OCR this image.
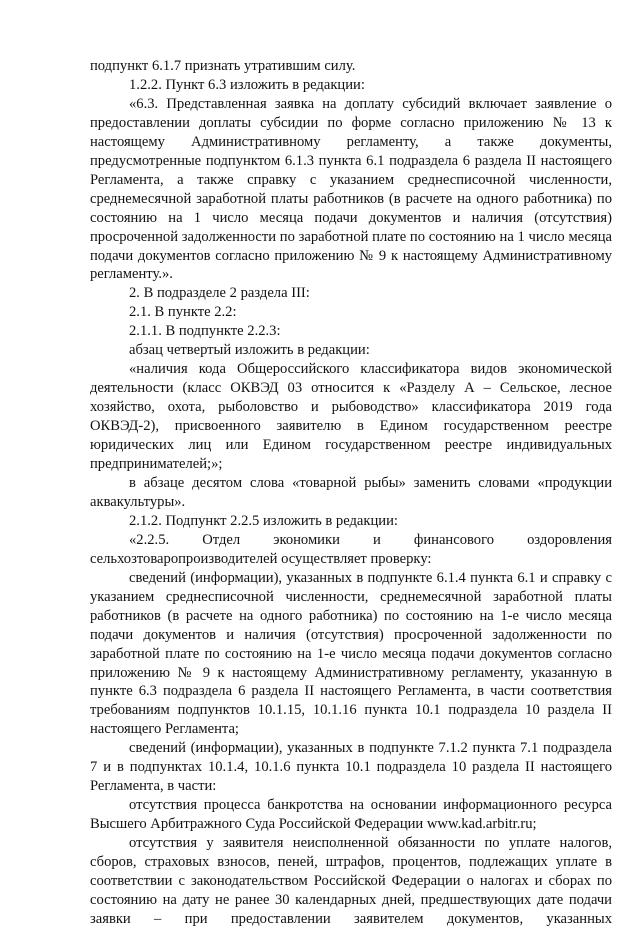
подпункт 6.1.7 признать утратившим силу.

1.2.2. Пункт 6.3 изложить в редакции:

«6.3. Представленная заявка на доплату субсидий включает заявление о предоставлении доплаты субсидии по форме согласно приложению № 13 к настоящему Административному регламенту, а также документы, предусмотренные подпунктом 6.1.3 пункта 6.1 подраздела 6 раздела II настоящего Регламента, а также справку с указанием среднесписочной численности, среднемесячной заработной платы работников (в расчете на одного работника) по состоянию на 1 число месяца подачи документов и наличия (отсутствия) просроченной задолженности по заработной плате по состоянию на 1 число месяца подачи документов согласно приложению № 9 к настоящему Административному регламенту.».

2. В подразделе 2 раздела III:

2.1. В пункте 2.2:

2.1.1. В подпункте 2.2.3:

абзац четвертый изложить в редакции:

«наличия кода Общероссийского классификатора видов экономической деятельности (класс ОКВЭД 03 относится к «Разделу А – Сельское, лесное хозяйство, охота, рыболовство и рыбоводство» классификатора 2019 года ОКВЭД-2), присвоенного заявителю в Едином государственном реестре юридических лиц или Едином государственном реестре индивидуальных предпринимателей;»;

в абзаце десятом слова «товарной рыбы» заменить словами «продукции аквакультуры».

2.1.2. Подпункт 2.2.5 изложить в редакции:

«2.2.5. Отдел экономики и финансового оздоровления сельхозтоваропроизводителей осуществляет проверку:

сведений (информации), указанных в подпункте 6.1.4 пункта 6.1 и справку с указанием среднесписочной численности, среднемесячной заработной платы работников (в расчете на одного работника) по состоянию на 1-е число месяца подачи документов и наличия (отсутствия) просроченной задолженности по заработной плате по состоянию на 1-е число месяца подачи документов согласно приложению № 9 к настоящему Административному регламенту, указанную в пункте 6.3 подраздела 6 раздела II настоящего Регламента, в части соответствия требованиям подпунктов 10.1.15, 10.1.16 пункта 10.1 подраздела 10 раздела II настоящего Регламента;

сведений (информации), указанных в подпункте 7.1.2 пункта 7.1 подраздела 7 и в подпунктах 10.1.4, 10.1.6 пункта 10.1 подраздела 10 раздела II настоящего Регламента, в части:

отсутствия процесса банкротства на основании информационного ресурса Высшего Арбитражного Суда Российской Федерации www.kad.arbitr.ru;

отсутствия у заявителя неисполненной обязанности по уплате налогов, сборов, страховых взносов, пеней, штрафов, процентов, подлежащих уплате в соответствии с законодательством Российской Федерации о налогах и сборах по состоянию на дату не ранее 30 календарных дней, предшествующих дате подачи заявки – при предоставлении заявителем документов, указанных
